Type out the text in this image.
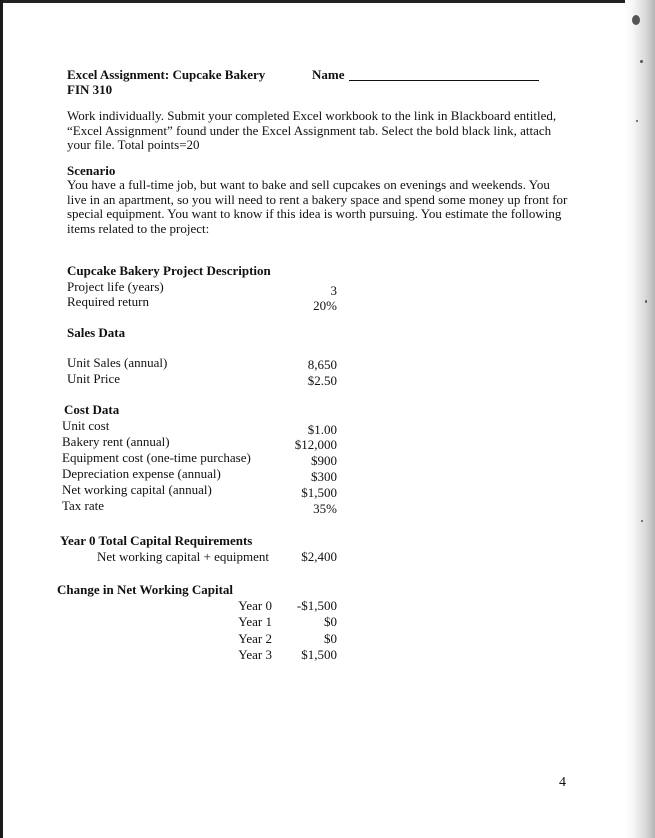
Excel Assignment: Cupcake Bakery
FIN 310
Name
Work individually. Submit your completed Excel workbook to the link in Blackboard entitled,
“Excel Assignment” found under the Excel Assignment tab. Select the bold black link, attach
your file. Total points=20
Scenario
You have a full-time job, but want to bake and sell cupcakes on evenings and weekends. You
live in an apartment, so you will need to rent a bakery space and spend some money up front for
special equipment. You want to know if this idea is worth pursuing. You estimate the following
items related to the project:
Cupcake Bakery Project Description
Project life (years)	3
Required return	20%
Sales Data
Unit Sales (annual)	8,650
Unit Price	$2.50
Cost Data
Unit cost	$1.00
Bakery rent (annual)	$12,000
Equipment cost (one-time purchase)	$900
Depreciation expense (annual)	$300
Net working capital (annual)	$1,500
Tax rate	35%
Year 0 Total Capital Requirements
Net working capital + equipment	$2,400
Change in Net Working Capital
Year 0	-$1,500
Year 1	$0
Year 2	$0
Year 3	$1,500
4
